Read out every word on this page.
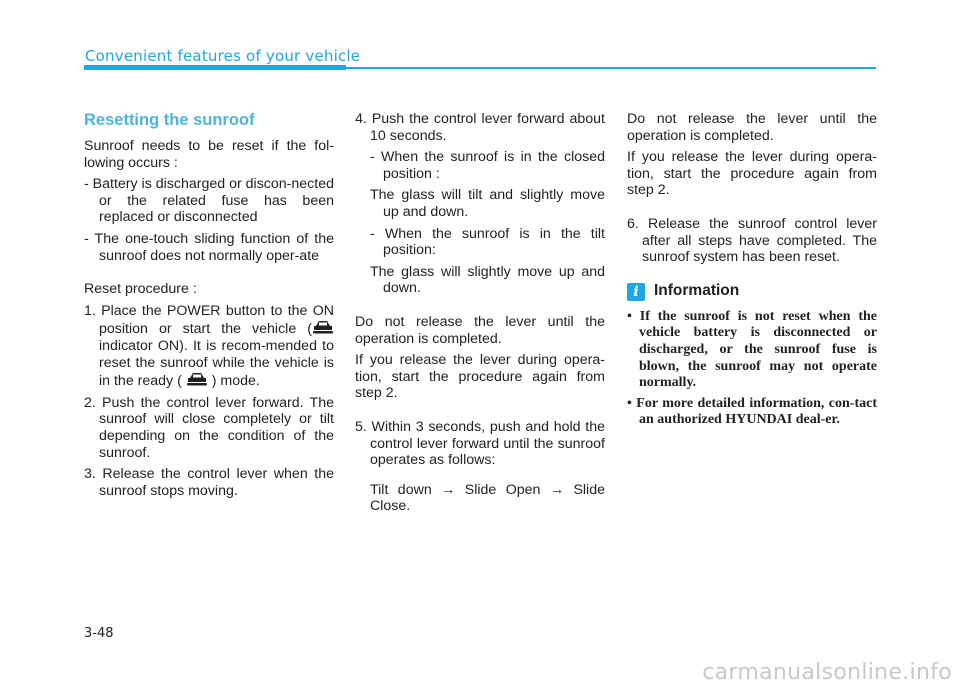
Convenient features of your vehicle
Resetting the sunroof

Sunroof needs to be reset if the fol-lowing occurs :

- Battery is discharged or discon-nected or the related fuse has been replaced or disconnected

- The one-touch sliding function of the sunroof does not normally oper-ate

Reset procedure :

1. Place the POWER button to the ON position or start the vehicle ( indicator ON). It is recom-mended to reset the sunroof while the vehicle is in the ready ( ) mode.

2. Push the control lever forward. The sunroof will close completely or tilt depending on the condition of the sunroof.

3. Release the control lever when the sunroof stops moving.

4. Push the control lever forward about 10 seconds.

- When the sunroof is in the closed position :

The glass will tilt and slightly move up and down.

- When the sunroof is in the tilt position:

The glass will slightly move up and down.

Do not release the lever until the operation is completed.

If you release the lever during opera-tion, start the procedure again from step 2.

5. Within 3 seconds, push and hold the control lever forward until the sunroof operates as follows:

Tilt down → Slide Open → Slide Close.

Do not release the lever until the operation is completed.

If you release the lever during opera-tion, start the procedure again from step 2.

6. Release the sunroof control lever after all steps have completed. The sunroof system has been reset.

i Information

• If the sunroof is not reset when the vehicle battery is disconnected or discharged, or the sunroof fuse is blown, the sunroof may not operate normally.

• For more detailed information, con-tact an authorized HYUNDAI deal-er.

3-48
carmanualsonline.info
